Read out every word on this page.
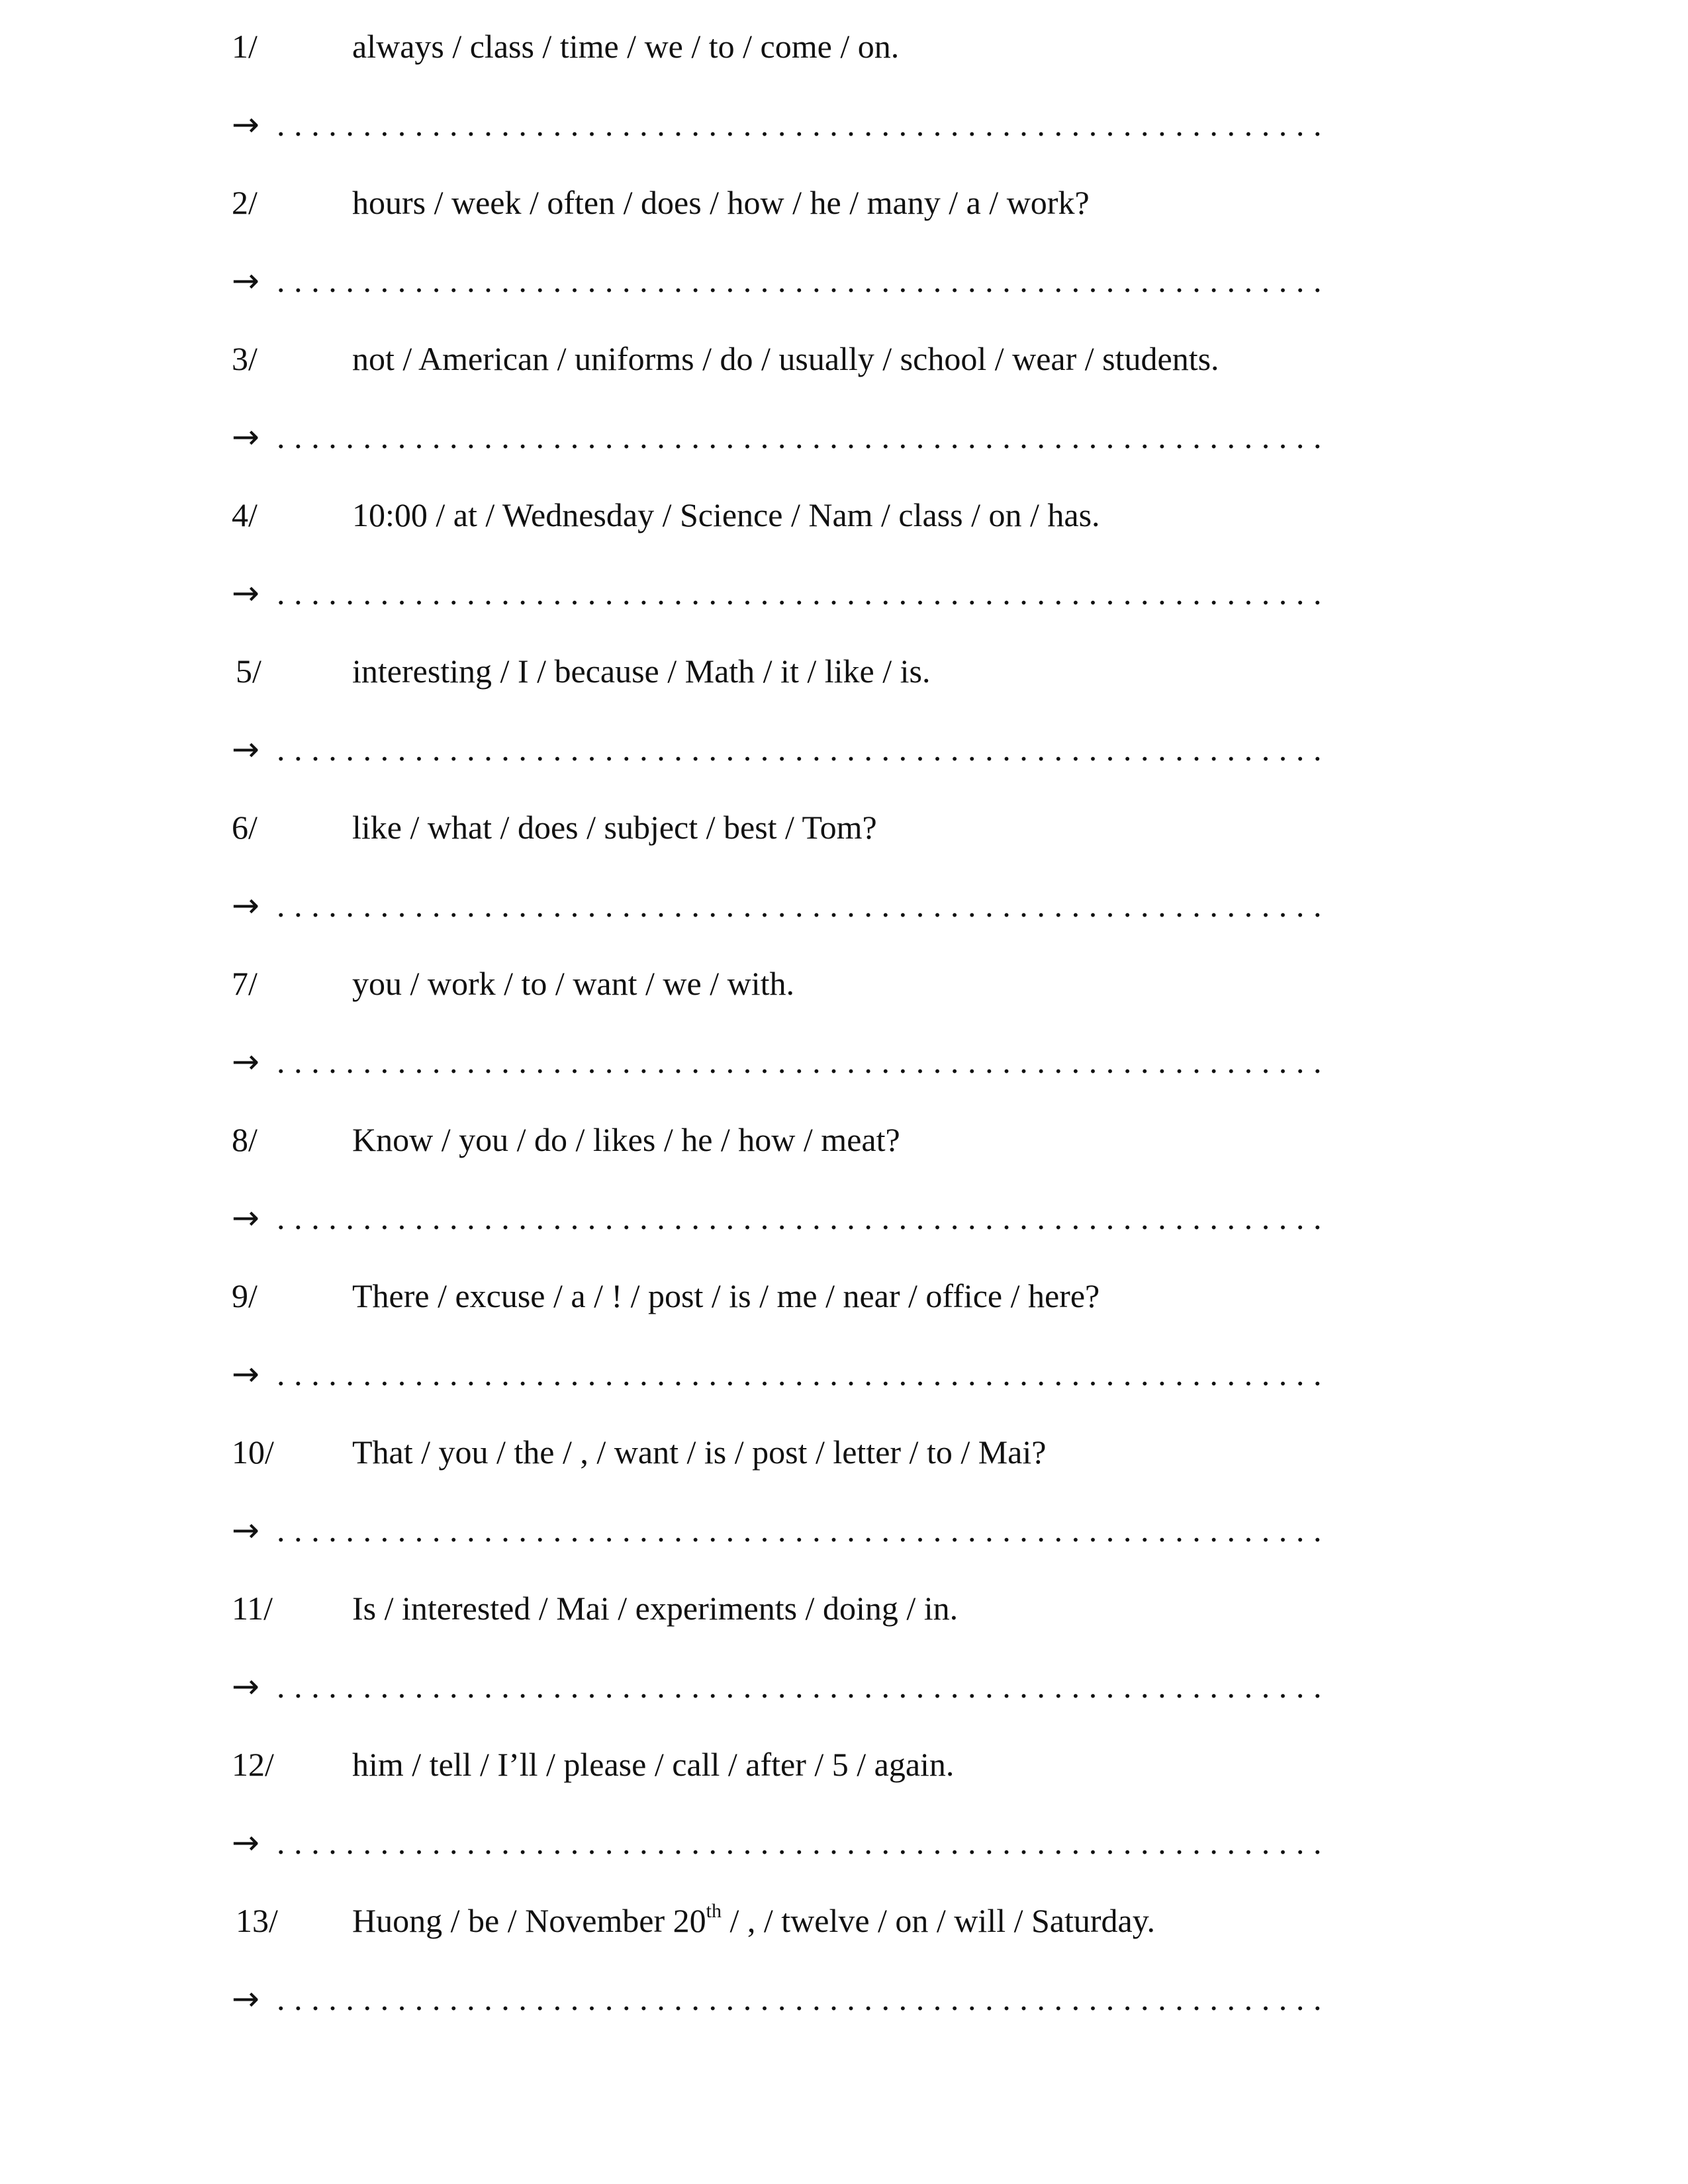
1/	always / class / time / we / to / come / on.
→ .............................................................
2/	hours / week / often / does / how / he / many / a / work?
→ .............................................................
3/	not / American / uniforms / do / usually / school / wear / students.
→ .............................................................
4/	10:00 / at / Wednesday / Science / Nam / class / on / has.
→ .............................................................
5/	interesting / I / because / Math / it / like / is.
→ .............................................................
6/	like / what / does / subject / best / Tom?
→ .............................................................
7/	you / work / to / want / we / with.
→ .............................................................
8/	Know / you / do / likes / he / how / meat?
→ .............................................................
9/	There / excuse / a / ! / post / is / me / near / office / here?
→ .............................................................
10/ That / you / the / , / want / is / post / letter / to / Mai?
→ .............................................................
11/ Is / interested / Mai / experiments / doing / in.
→ .............................................................
12/ him / tell / I’ll / please / call / after / 5 / again.
→ .............................................................
13/ Huong / be / November 20th / , / twelve / on / will / Saturday.
→ .............................................................
